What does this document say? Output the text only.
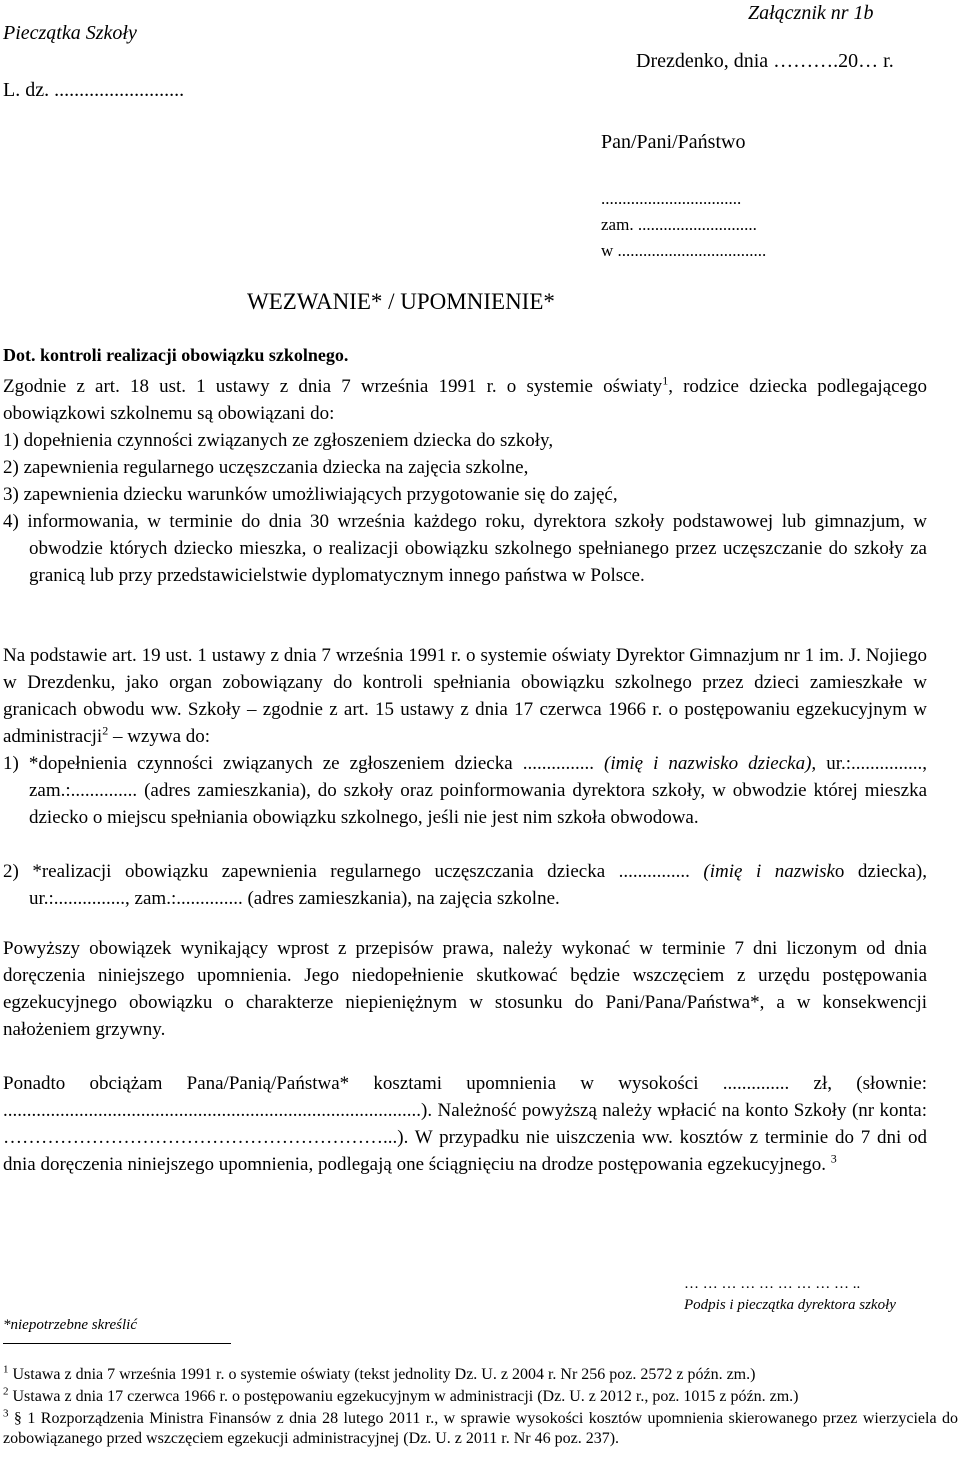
Pieczątka Szkoły
L. dz. ..........................
Załącznik nr 1b
Drezdenko, dnia ……….20… r.
Pan/Pani/Państwo
.................................
zam. ............................
w ...................................
WEZWANIE* / UPOMNIENIE*
Dot. kontroli realizacji obowiązku szkolnego.
Zgodnie z art. 18 ust. 1 ustawy z dnia 7 września 1991 r. o systemie oświaty$^1$, rodzice dziecka podlegającego obowiązkowi szkolnemu są obowiązani do:
1) dopełnienia czynności związanych ze zgłoszeniem dziecka do szkoły,
2) zapewnienia regularnego uczęszczania dziecka na zajęcia szkolne,
3) zapewnienia dziecku warunków umożliwiających przygotowanie się do zajęć,
4) informowania, w terminie do dnia 30 września każdego roku, dyrektora szkoły podstawowej lub gimnazjum, w obwodzie których dziecko mieszka, o realizacji obowiązku szkolnego spełnianego przez uczęszczanie do szkoły za granicą lub przy przedstawicielstwie dyplomatycznym innego państwa w Polsce.
Na podstawie art. 19 ust. 1 ustawy z dnia 7 września 1991 r. o systemie oświaty Dyrektor Gimnazjum nr 1 im. J. Nojiego w Drezdenku, jako organ zobowiązany do kontroli spełniania obowiązku szkolnego przez dzieci zamieszkałe w granicach obwodu ww. Szkoły – zgodnie z art. 15 ustawy z dnia 17 czerwca 1966 r. o postępowaniu egzekucyjnym w administracji$^2$ – wzywa do:
1) *dopełnienia czynności związanych ze zgłoszeniem dziecka ............... (imię i nazwisko dziecka), ur.:..............., zam.:.............. (adres zamieszkania), do szkoły oraz poinformowania dyrektora szkoły, w obwodzie której mieszka dziecko o miejscu spełniania obowiązku szkolnego, jeśli nie jest nim szkoła obwodowa.
2) *realizacji obowiązku zapewnienia regularnego uczęszczania dziecka ............... (imię i nazwisko dziecka), ur.:..............., zam.:.............. (adres zamieszkania), na zajęcia szkolne.
Powyższy obowiązek wynikający wprost z przepisów prawa, należy wykonać w terminie 7 dni liczonym od dnia doręczenia niniejszego upomnienia. Jego niedopełnienie skutkować będzie wszczęciem z urzędu postępowania egzekucyjnego obowiązku o charakterze niepieniężnym w stosunku do Pani/Pana/Państwa*, a w konsekwencji nałożeniem grzywny.
Ponadto obciążam Pana/Panią/Państwa* kosztami upomnienia w wysokości .............. zł, (słownie: ........................................................................................). Należność powyższą należy wpłacić na konto Szkoły (nr konta: ……………………………………………………...). W przypadku nie uiszczenia ww. kosztów z terminie do 7 dni od dnia doręczenia niniejszego upomnienia, podlegają one ściągnięciu na drodze postępowania egzekucyjnego. $^3$
… … … … … … … … … ..
Podpis i pieczątka dyrektora szkoły
*niepotrzebne skreślić
$^1$ Ustawa z dnia 7 września 1991 r. o systemie oświaty (tekst jednolity Dz. U. z 2004 r. Nr 256 poz. 2572 z późn. zm.)
$^2$ Ustawa z dnia 17 czerwca 1966 r. o postępowaniu egzekucyjnym w administracji (Dz. U. z 2012 r., poz. 1015 z późn. zm.)
$^3$ § 1 Rozporządzenia Ministra Finansów z dnia 28 lutego 2011 r., w sprawie wysokości kosztów upomnienia skierowanego przez wierzyciela do zobowiązanego przed wszczęciem egzekucji administracyjnej (Dz. U. z 2011 r. Nr 46 poz. 237).
